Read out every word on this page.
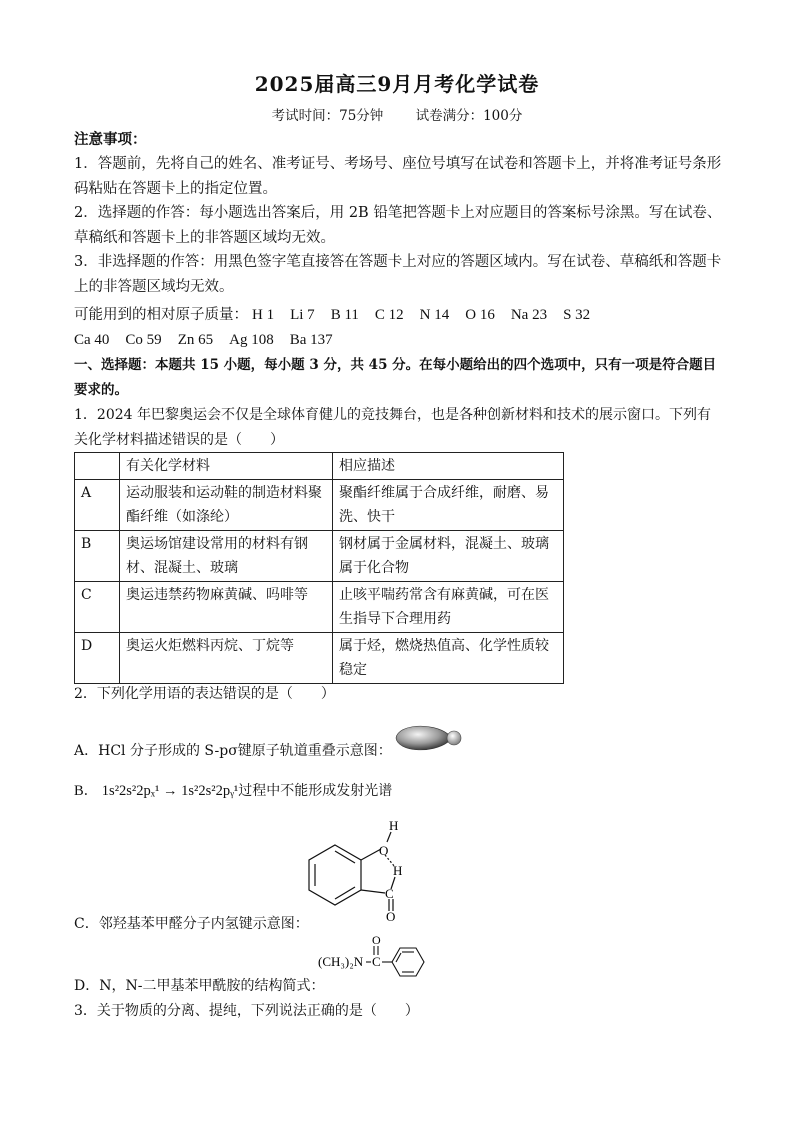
2025届高三9月月考化学试卷
考试时间：75分钟 试卷满分：100分
注意事项：
1．答题前，先将自己的姓名、准考证号、考场号、座位号填写在试卷和答题卡上，并将准考证号条形码粘贴在答题卡上的指定位置。
2．选择题的作答：每小题选出答案后，用 2B 铅笔把答题卡上对应题目的答案标号涂黑。写在试卷、草稿纸和答题卡上的非答题区域均无效。
3．非选择题的作答：用黑色签字笔直接答在答题卡上对应的答题区域内。写在试卷、草稿纸和答题卡上的非答题区域均无效。
可能用到的相对原子质量： H 1 Li 7 B 11 C 12 N 14 O 16 Na 23 S 32
Ca 40 Co 59 Zn 65 Ag 108 Ba 137
一、选择题：本题共 15 小题，每小题 3 分，共 45 分。在每小题给出的四个选项中，只有一项是符合题目要求的。
1．2024 年巴黎奥运会不仅是全球体育健儿的竞技舞台，也是各种创新材料和技术的展示窗口。下列有关化学材料描述错误的是（　　）
	有关化学材料	相应描述
A	运动服装和运动鞋的制造材料聚酯纤维（如涤纶）	聚酯纤维属于合成纤维，耐磨、易洗、快干
B	奥运场馆建设常用的材料有钢材、混凝土、玻璃	钢材属于金属材料，混凝土、玻璃属于化合物
C	奥运违禁药物麻黄碱、吗啡等	止咳平喘药常含有麻黄碱，可在医生指导下合理用药
D	奥运火炬燃料丙烷、丁烷等	属于烃，燃烧热值高、化学性质较稳定
2．下列化学用语的表达错误的是（　　）
A．HCl 分子形成的 S-pσ键原子轨道重叠示意图：
B． 1s²2s²2pₓ¹ → 1s²2s²2pᵧ¹过程中不能形成发射光谱
H
O
H
C
O
C．邻羟基苯甲醛分子内氢键示意图：
(CH₃)₂N
O
C
D．N，N-二甲基苯甲酰胺的结构简式：
3．关于物质的分离、提纯，下列说法正确的是（　　）
